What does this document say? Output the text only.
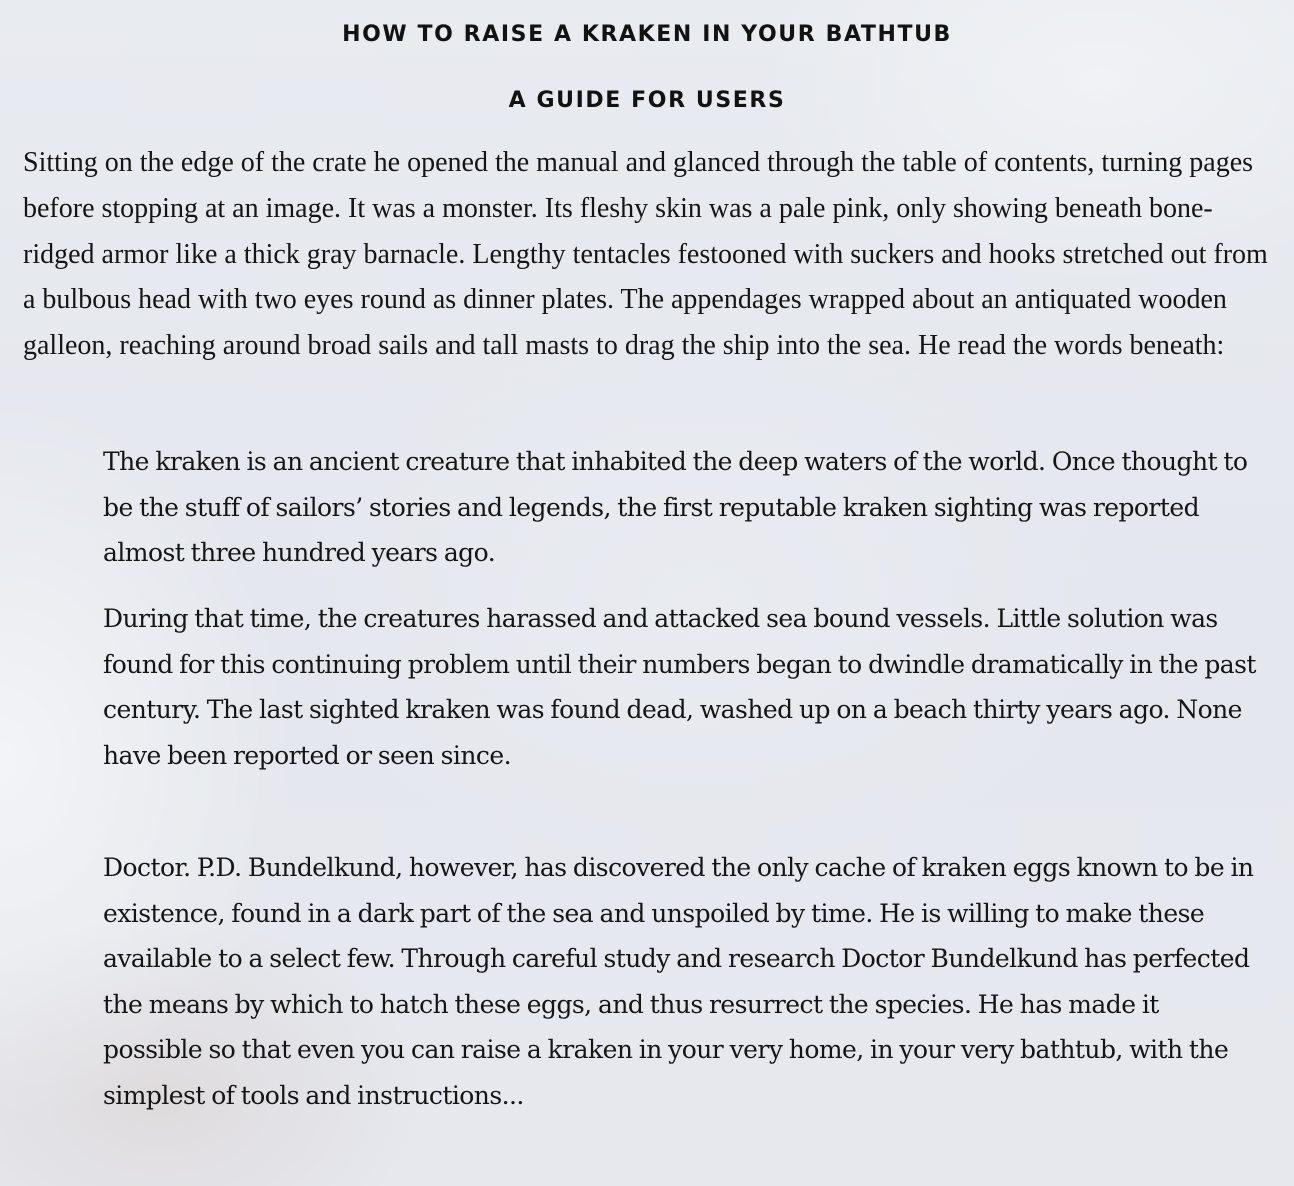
HOW TO RAISE A KRAKEN IN YOUR BATHTUB
A GUIDE FOR USERS

Sitting on the edge of the crate he opened the manual and glanced through the table of contents, turning pages before stopping at an image. It was a monster. Its fleshy skin was a pale pink, only showing beneath bone-ridged armor like a thick gray barnacle. Lengthy tentacles festooned with suckers and hooks stretched out from a bulbous head with two eyes round as dinner plates. The appendages wrapped about an antiquated wooden galleon, reaching around broad sails and tall masts to drag the ship into the sea. He read the words beneath:

The kraken is an ancient creature that inhabited the deep waters of the world. Once thought to be the stuff of sailors’ stories and legends, the first reputable kraken sighting was reported almost three hundred years ago.

During that time, the creatures harassed and attacked sea bound vessels. Little solution was found for this continuing problem until their numbers began to dwindle dramatically in the past century. The last sighted kraken was found dead, washed up on a beach thirty years ago. None have been reported or seen since.

Doctor. P.D. Bundelkund, however, has discovered the only cache of kraken eggs known to be in existence, found in a dark part of the sea and unspoiled by time. He is willing to make these available to a select few. Through careful study and research Doctor Bundelkund has perfected the means by which to hatch these eggs, and thus resurrect the species. He has made it possible so that even you can raise a kraken in your very home, in your very bathtub, with the simplest of tools and instructions...
